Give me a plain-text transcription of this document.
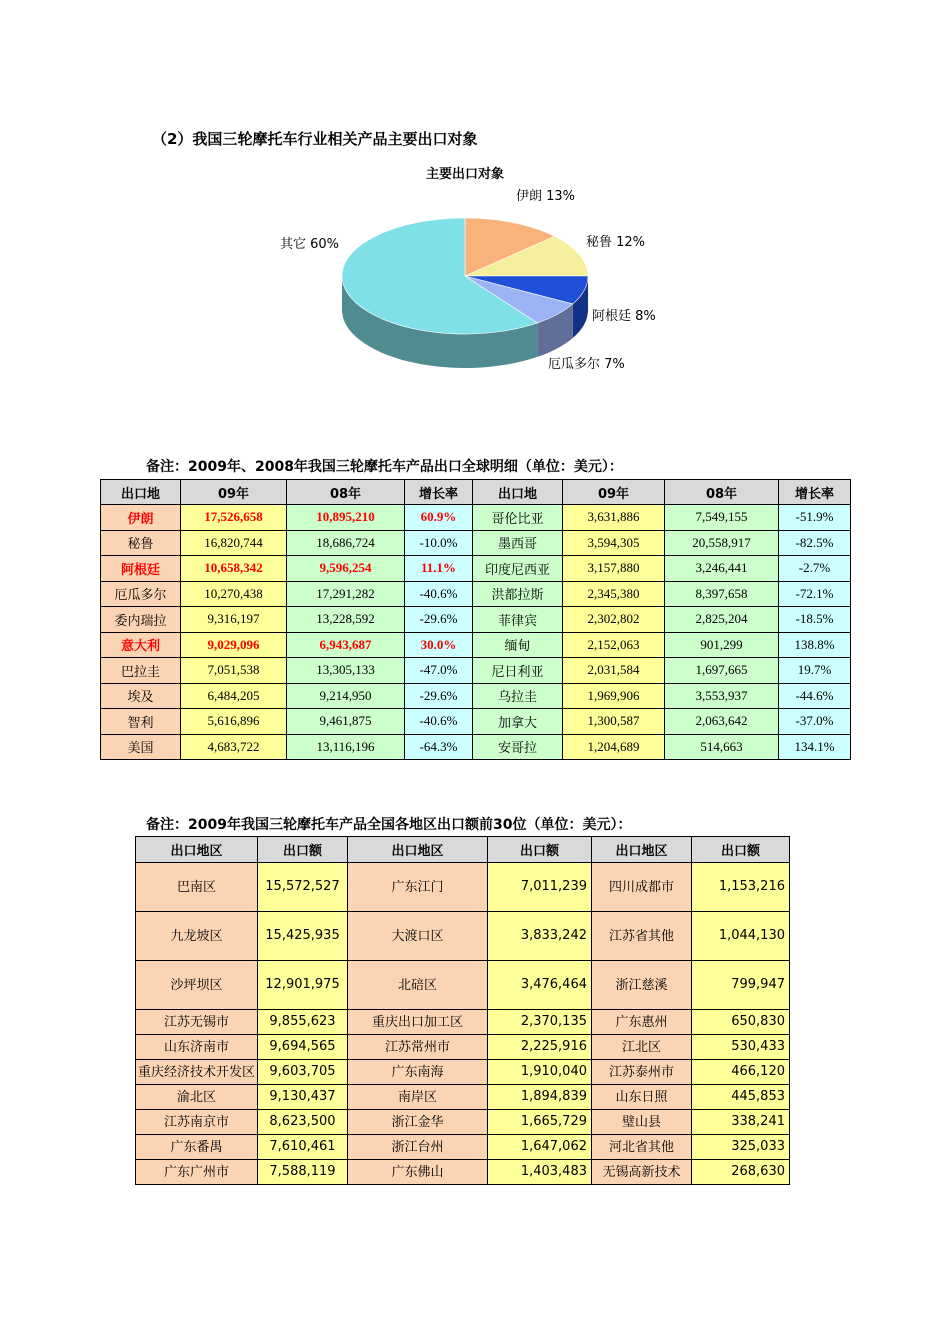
（2）我国三轮摩托车行业相关产品主要出口对象
主要出口对象
伊朗 13%
秘鲁 12%
阿根廷 8%
厄瓜多尔 7%
其它 60%
备注：2009年、2008年我国三轮摩托车产品出口全球明细（单位：美元）：
出口地	09年	08年	增长率	出口地	09年	08年	增长率
伊朗	17,526,658	10,895,210	60.9%	哥伦比亚	3,631,886	7,549,155	-51.9%
秘鲁	16,820,744	18,686,724	-10.0%	墨西哥	3,594,305	20,558,917	-82.5%
阿根廷	10,658,342	9,596,254	11.1%	印度尼西亚	3,157,880	3,246,441	-2.7%
厄瓜多尔	10,270,438	17,291,282	-40.6%	洪都拉斯	2,345,380	8,397,658	-72.1%
委内瑞拉	9,316,197	13,228,592	-29.6%	菲律宾	2,302,802	2,825,204	-18.5%
意大利	9,029,096	6,943,687	30.0%	缅甸	2,152,063	901,299	138.8%
巴拉圭	7,051,538	13,305,133	-47.0%	尼日利亚	2,031,584	1,697,665	19.7%
埃及	6,484,205	9,214,950	-29.6%	乌拉圭	1,969,906	3,553,937	-44.6%
智利	5,616,896	9,461,875	-40.6%	加拿大	1,300,587	2,063,642	-37.0%
美国	4,683,722	13,116,196	-64.3%	安哥拉	1,204,689	514,663	134.1%
备注：2009年我国三轮摩托车产品全国各地区出口额前30位（单位：美元）：
出口地区	出口额	出口地区	出口额	出口地区	出口额
巴南区	15,572,527	广东江门	7,011,239	四川成都市	1,153,216
九龙坡区	15,425,935	大渡口区	3,833,242	江苏省其他	1,044,130
沙坪坝区	12,901,975	北碚区	3,476,464	浙江慈溪	799,947
江苏无锡市	9,855,623	重庆出口加工区	2,370,135	广东惠州	650,830
山东济南市	9,694,565	江苏常州市	2,225,916	江北区	530,433
重庆经济技术开发区	9,603,705	广东南海	1,910,040	江苏泰州市	466,120
渝北区	9,130,437	南岸区	1,894,839	山东日照	445,853
江苏南京市	8,623,500	浙江金华	1,665,729	璧山县	338,241
广东番禺	7,610,461	浙江台州	1,647,062	河北省其他	325,033
广东广州市	7,588,119	广东佛山	1,403,483	无锡高新技术	268,630
